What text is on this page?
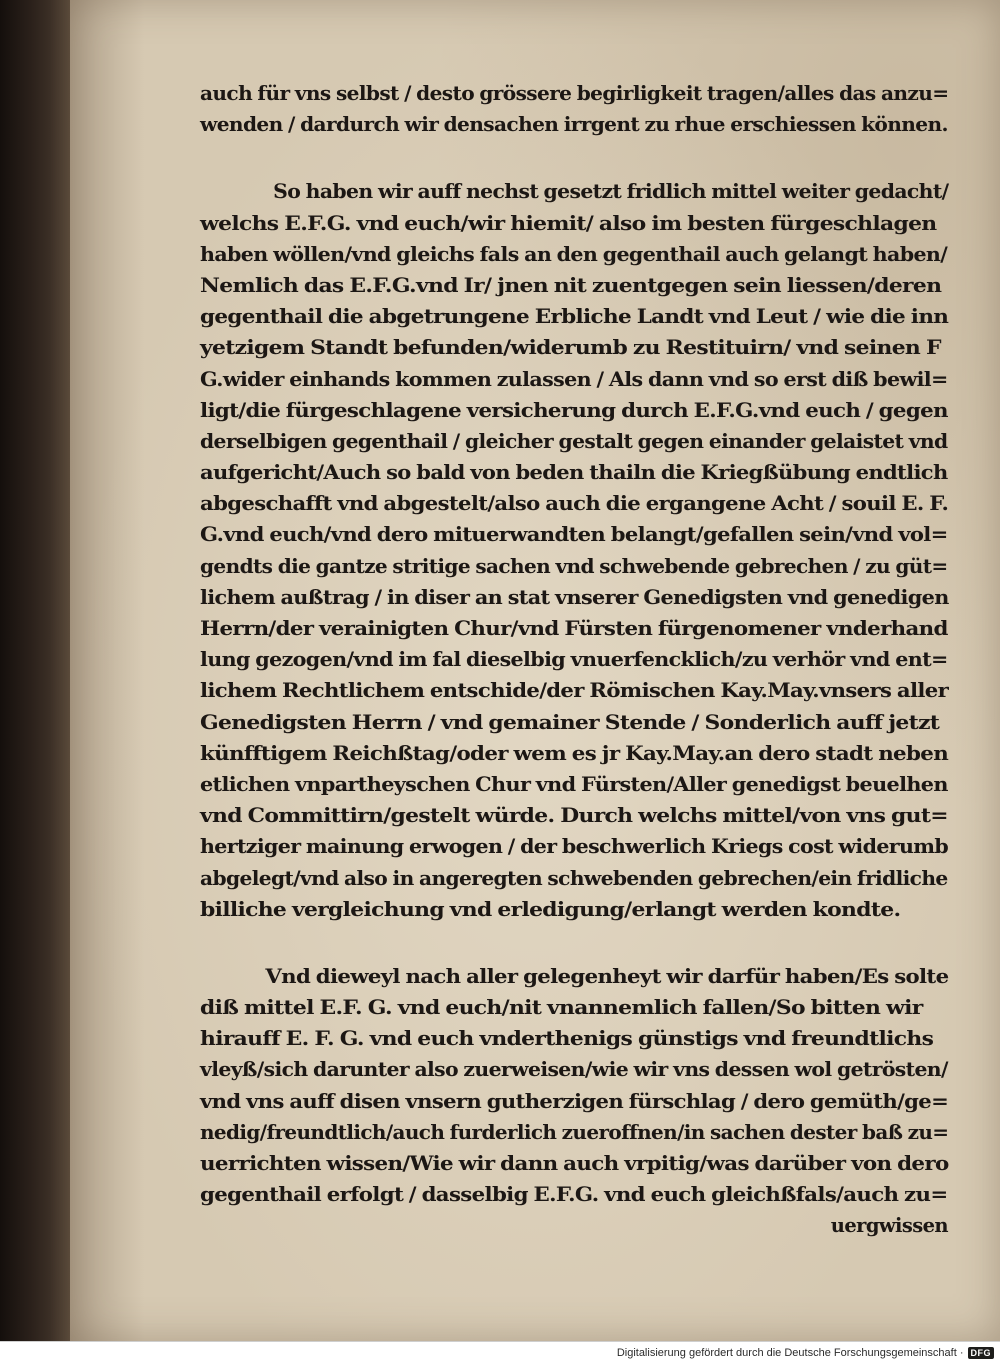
auch für vns selbst / desto grössere begirligkeit tragen/alles das anzu=
wenden / dardurch wir densachen irrgent zu rhue erschiessen können.
So haben wir auff nechst gesetzt fridlich mittel weiter gedacht/
welchs E.F.G. vnd euch/wir hiemit/ also im besten fürgeschlagen
haben wöllen/vnd gleichs fals an den gegenthail auch gelangt haben/
Nemlich das E.F.G.vnd Ir/ jnen nit zuentgegen sein liessen/deren
gegenthail die abgetrungene Erbliche Landt vnd Leut / wie die inn
yetzigem Standt befunden/widerumb zu Restituirn/ vnd seinen F
G.wider einhands kommen zulassen / Als dann vnd so erst diß bewil=
ligt/die fürgeschlagene versicherung durch E.F.G.vnd euch / gegen
derselbigen gegenthail / gleicher gestalt gegen einander gelaistet vnd
aufgericht/Auch so bald von beden thailn die Kriegßübung endtlich
abgeschafft vnd abgestelt/also auch die ergangene Acht / souil E. F.
G.vnd euch/vnd dero mituerwandten belangt/gefallen sein/vnd vol=
gendts die gantze stritige sachen vnd schwebende gebrechen / zu güt=
lichem außtrag / in diser an stat vnserer Genedigsten vnd genedigen
Herrn/der verainigten Chur/vnd Fürsten fürgenomener vnderhand
lung gezogen/vnd im fal dieselbig vnuerfencklich/zu verhör vnd ent=
lichem Rechtlichem entschide/der Römischen Kay.May.vnsers aller
Genedigsten Herrn / vnd gemainer Stende / Sonderlich auff jetzt
künfftigem Reichßtag/oder wem es jr Kay.May.an dero stadt neben
etlichen vnpartheyschen Chur vnd Fürsten/Aller genedigst beuelhen
vnd Committirn/gestelt würde. Durch welchs mittel/von vns gut=
hertziger mainung erwogen / der beschwerlich Kriegs cost widerumb
abgelegt/vnd also in angeregten schwebenden gebrechen/ein fridliche
billiche vergleichung vnd erledigung/erlangt werden kondte.
Vnd dieweyl nach aller gelegenheyt wir darfür haben/Es solte
diß mittel E.F. G. vnd euch/nit vnannemlich fallen/So bitten wir
hirauff E. F. G. vnd euch vnderthenigs günstigs vnd freundtlichs
vleyß/sich darunter also zuerweisen/wie wir vns dessen wol getrösten/
vnd vns auff disen vnsern gutherzigen fürschlag / dero gemüth/ge=
nedig/freundtlich/auch furderlich zueroffnen/in sachen dester baß zu=
uerrichten wissen/Wie wir dann auch vrpitig/was darüber von dero
gegenthail erfolgt / dasselbig E.F.G. vnd euch gleichßfals/auch zu=
uergwissen
Digitalisierung gefördert durch die Deutsche Forschungsgemeinschaft · DFG
